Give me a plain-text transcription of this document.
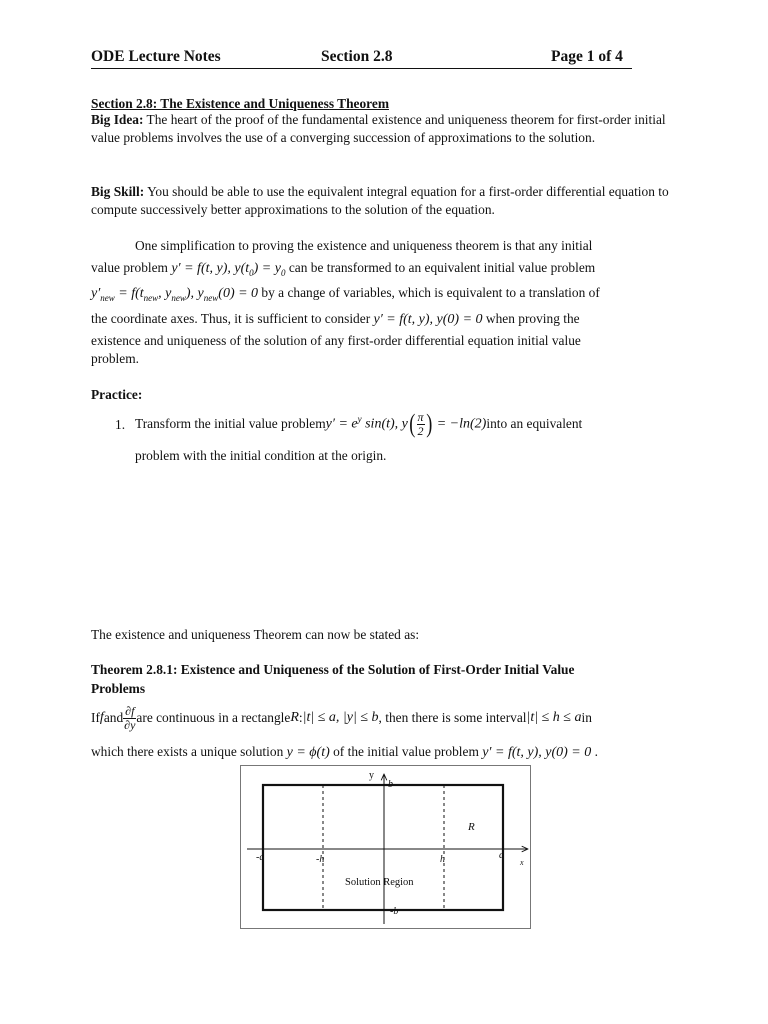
ODE Lecture Notes	Section 2.8	Page 1 of 4
Section 2.8: The Existence and Uniqueness Theorem
Big Idea: The heart of the proof of the fundamental existence and uniqueness theorem for first-order initial value problems involves the use of a converging succession of approximations to the solution.
Big Skill: You should be able to use the equivalent integral equation for a first-order differential equation to compute successively better approximations to the solution of the equation.
One simplification to proving the existence and uniqueness theorem is that any initial
value problem y′ = f(t, y), $y(t_0) = y_0$ can be transformed to an equivalent initial value problem
$y'_{new} = f(t_{new}$, $y_{new}$), $y_{new}(0) = 0$ by a change of variables, which is equivalent to a translation of
the coordinate axes. Thus, it is sufficient to consider y′ = f(t, y), y(0) = 0 when proving the
existence and uniqueness of the solution of any first-order differential equation initial value
problem.
Practice:
1. Transform the initial value problem $y' = e^y$ sin(t), $y( \frac{\pi}{2}$ ) = −ln(2) into an equivalent
problem with the initial condition at the origin.
The existence and uniqueness Theorem can now be stated as:
Theorem 2.8.1: Existence and Uniqueness of the Solution of First-Order Initial Value
Problems
If f and $\frac{\partial f}{\partial y}$ are continuous in a rectangle R : |t| ≤ a, |y| ≤ b , then there is some interval |t| ≤ h ≤ a in
which there exists a unique solution y = ϕ(t) of the initial value problem y′ = f(t, y), y(0) = 0 .
y
x
b
-b
-a	a
-h	h
R
Solution Region
